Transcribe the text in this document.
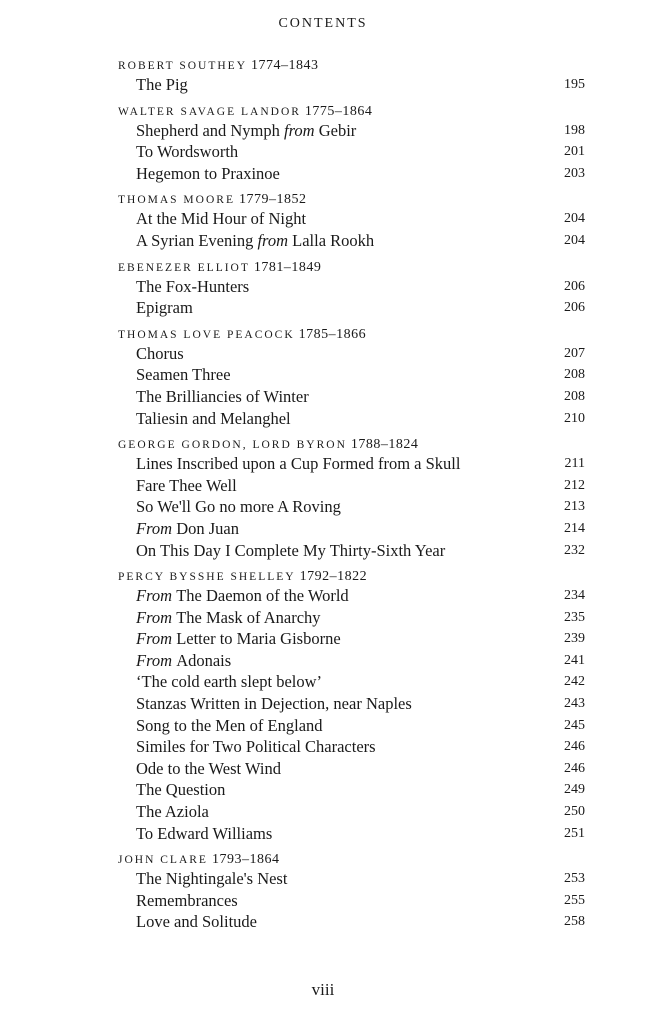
CONTENTS
ROBERT SOUTHEY 1774–1843
The Pig	195
WALTER SAVAGE LANDOR 1775–1864
Shepherd and Nymph from Gebir	198
To Wordsworth	201
Hegemon to Praxinoe	203
THOMAS MOORE 1779–1852
At the Mid Hour of Night	204
A Syrian Evening from Lalla Rookh	204
EBENEZER ELLIOT 1781–1849
The Fox-Hunters	206
Epigram	206
THOMAS LOVE PEACOCK 1785–1866
Chorus	207
Seamen Three	208
The Brilliancies of Winter	208
Taliesin and Melanghel	210
GEORGE GORDON, LORD BYRON 1788–1824
Lines Inscribed upon a Cup Formed from a Skull	211
Fare Thee Well	212
So We'll Go no more A Roving	213
From Don Juan	214
On This Day I Complete My Thirty-Sixth Year	232
PERCY BYSSHE SHELLEY 1792–1822
From The Daemon of the World	234
From The Mask of Anarchy	235
From Letter to Maria Gisborne	239
From Adonais	241
‘The cold earth slept below’	242
Stanzas Written in Dejection, near Naples	243
Song to the Men of England	245
Similes for Two Political Characters	246
Ode to the West Wind	246
The Question	249
The Aziola	250
To Edward Williams	251
JOHN CLARE 1793–1864
The Nightingale's Nest	253
Remembrances	255
Love and Solitude	258
viii
